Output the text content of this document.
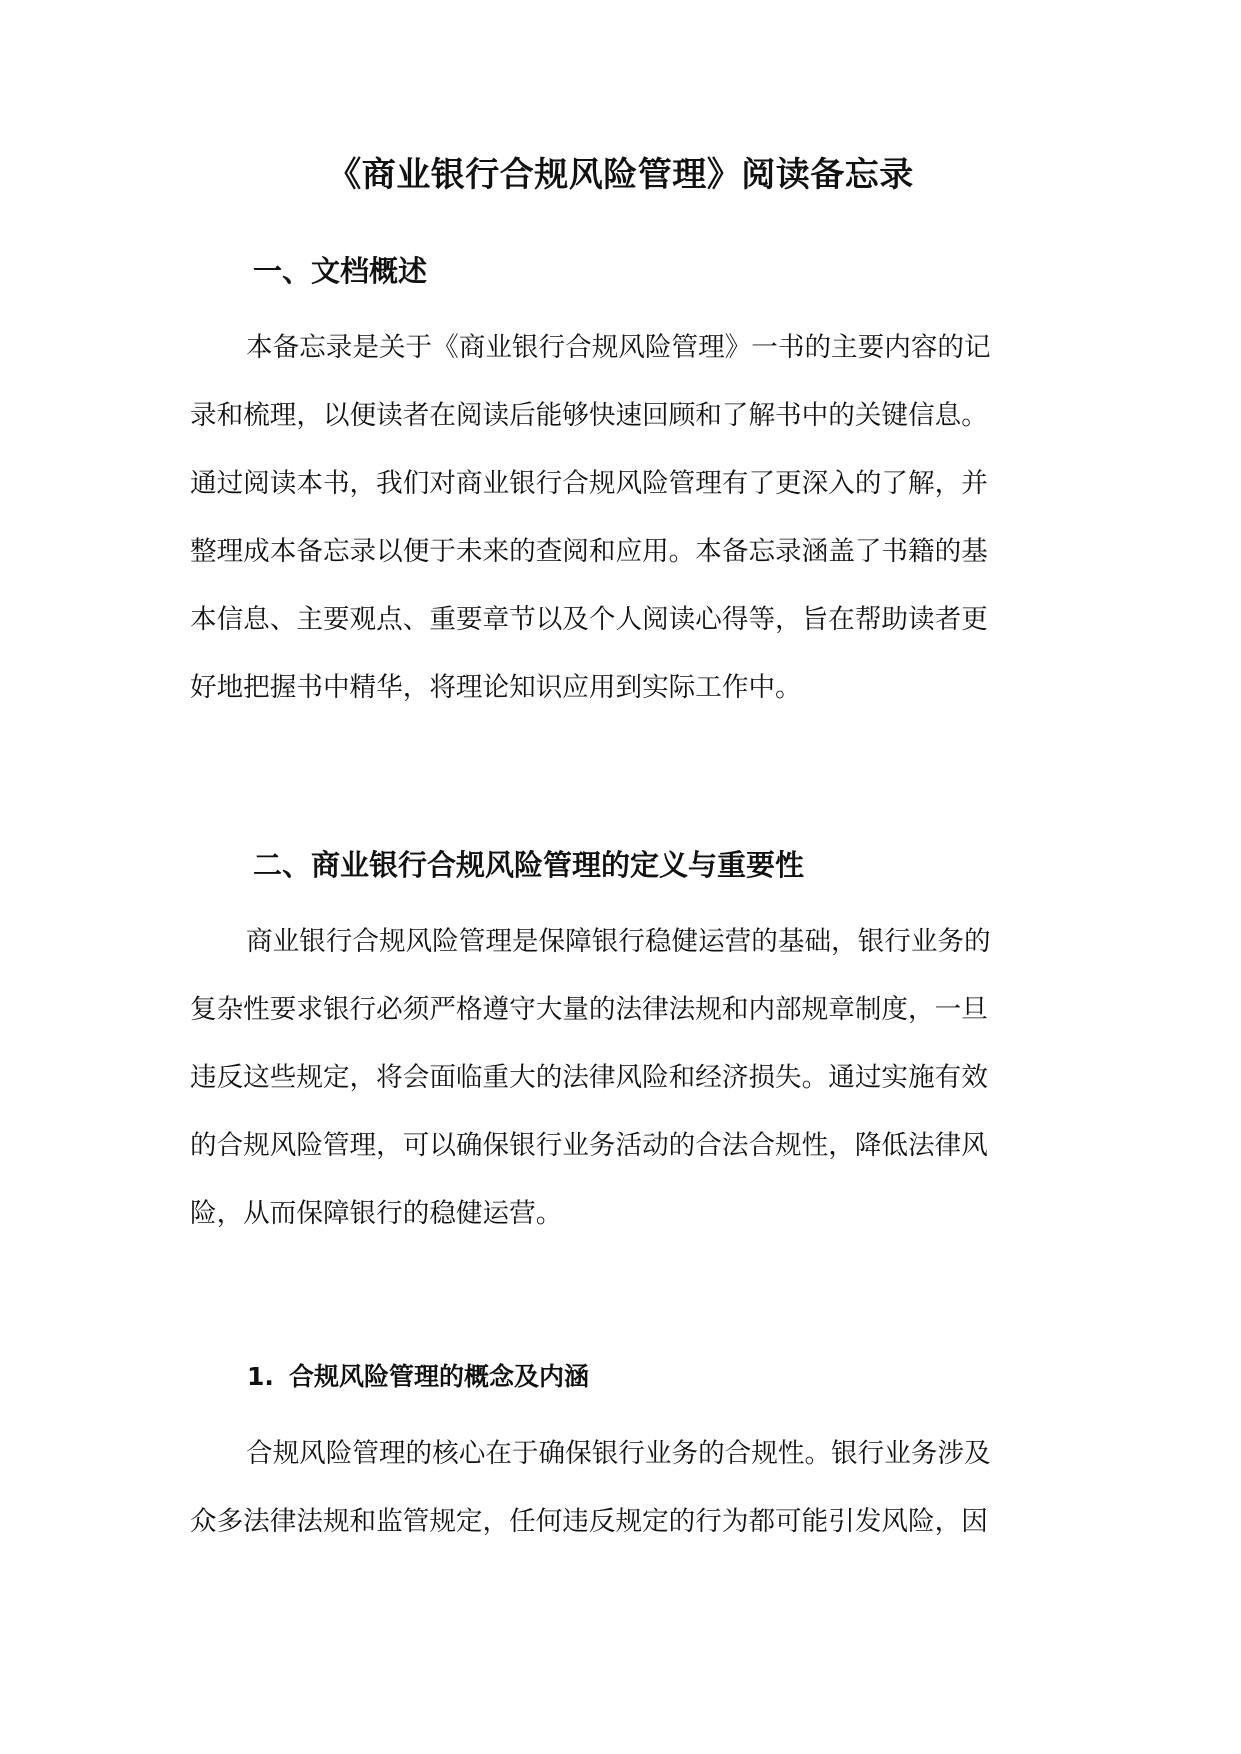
《商业银行合规风险管理》阅读备忘录
一、文档概述
本备忘录是关于《商业银行合规风险管理》一书的主要内容的记
录和梳理，以便读者在阅读后能够快速回顾和了解书中的关键信息。
通过阅读本书，我们对商业银行合规风险管理有了更深入的了解，并
整理成本备忘录以便于未来的查阅和应用。本备忘录涵盖了书籍的基
本信息、主要观点、重要章节以及个人阅读心得等，旨在帮助读者更
好地把握书中精华，将理论知识应用到实际工作中。
二、商业银行合规风险管理的定义与重要性
商业银行合规风险管理是保障银行稳健运营的基础，银行业务的
复杂性要求银行必须严格遵守大量的法律法规和内部规章制度，一旦
违反这些规定，将会面临重大的法律风险和经济损失。通过实施有效
的合规风险管理，可以确保银行业务活动的合法合规性，降低法律风
险，从而保障银行的稳健运营。
1. 合规风险管理的概念及内涵
合规风险管理的核心在于确保银行业务的合规性。银行业务涉及
众多法律法规和监管规定，任何违反规定的行为都可能引发风险，因
